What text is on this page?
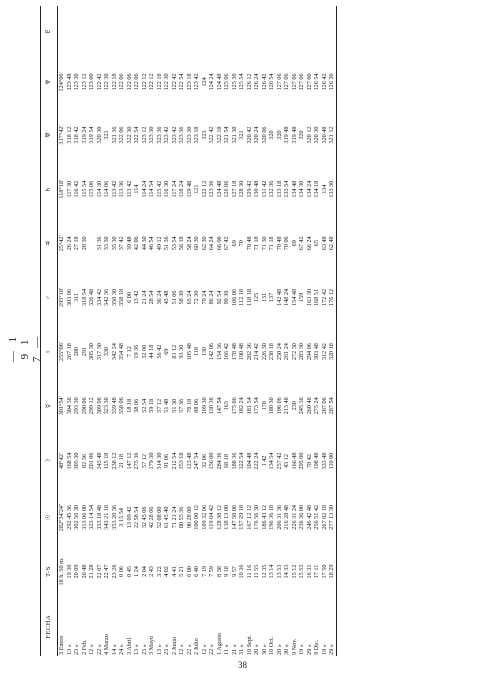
— 1 9 1 7 —
FECHA	T-S	☉	☽	☿	♀	♂	♃	♄	♅	♆	♇
3 Enero	18 h. 50 m.	282°34'24"	48°42'	301°54'	255°06'	295°18'	25°42'	118°18'	317°42'	124°06'	
13 »	19 30	292 45 36	168 54	304 36	267 18	303 06	26 24	117 30	318 12	123 48	
23 »	20 09	302 56 30	305 30	293 30	280	311	27 18	116 42	318 42	123 30	
2 Feb.	20 48	313 06 00	82 36	290 06	291	318 54	28 30	115 54	319 24	123 12	
12 »	21 28	323 14 54	201 06	299 12	305 30	326 48		115 06	319 54	123 00	
22 »	22 07	333 18 48	343 48	309 06	317 30	334 42	31 36	114 30	320 30	122 42	
4 Marzo	22 47	343 21 18	115 18	323 30	330	342 36	33 30	114 06	321	122 30	
14 »	23 26	353 20 36	238 12	339 48	342 24	350 30	35 30	113 42	321 36	122 18	
24 »	0 06	3 15 54	21 18	358 06	354 48	358 18	37 42	113 36	322 06	122 06	
3 Abril	0 45	13 09 42	147 12	18 18	7 12	6 00	39 48	113 42	322 30	122 06	
13 »	1 24	22 58 54	275 36	38 06	19 36	13 42	42 06	114	322 54	122 06	
23 »	2 04	32 45 06	57 12	52 54	32 00	21 24	44 30	114 24	323 12	122 12	
3 Mayo	2 43	42 28 06	179 30	59 18	44 18	28 54	46 54	114 54	323 30	122 12	
13 »	3 22	52 08 00	314 30	57 12	56 42	36 24	49 12	115 42	323 36	122 18	
23 »	4 02	61 45 40	91 06	51 48	69	43 48	51 36	116 30	323 42	122 30	
2 Junio	4 41	71 21 24	212 54	51 30	81 12	51 06	53 54	117 24	323 42	122 42	
12 »	5 21	80 55 36	353 18	57 36	93 30	58 30	56 18	118 24	323 36	122 54	
22 »	6 00	90 28 00	123 48	70 18	105 48	65 24	58 24	119 48	323 30	123 18	
2 Julio	6 40	100 00 12	247 54	88 06	118	72 30	60 30	121	323 18	123 42	
12 »	7 19	109 32 06	32 06	109 30	130	79 24	62 30	122 12	323	124	
22 »	7 59	119 04 42	156 00	130 36	142 06	86 24	64 24	123 36	322 42	124 24	
1 Agosto	8 38	128 38 12	284 36	147 54	154 36	92 54	66 00	124 48	322 18	124 48	
11 »	9 18	138 13 00	68 18	163	166 42	99 30	67 42	126 06	321 54	125 06	
21 »	9 57	147 50 06	188 36	175 06	178 48	106 06	69	127 18	321 30	125 30	
31 »	10 36	157 29 18	322 54	182 24	190 48	112 18	70	128 30	321	125 54	
10 Sept.	11 16	167 12 12	104 48	181 54	202 36	118 18	70 48	129 42	320 42	126 12	
20 »	11 55	176 56 30	222 24	173 54	214 42	125	71 18	130 48	320 24	126 24	
30 »	12 35	186 43 12	1 42	170	226 30	131	71 30	131 42	320 06	126 42	
10 Oct.	13 14	196 36 18	134 54	180 30	238 18	137	71 18	132 36	320	126 54	
20 »	13 53	206 31 36	257 42	196 06	250 24	142 48	70 48	133 18	320	127 06	
30 »	14 33	216 28 48	43 12	213 48	261 24	148 24	70 06	133 54	319 48	127 06	
9 Nov.	15 12	226 31 24	166 48	230	272 30	154 48	69	134 48	319 48	127 06	
19 »	15 52	236 36 00	295 00	245 36	283 30	159	67 42	134 30	320	127 06	
29 »	16 31	246 42 48	78 42	260 48	294 06	163 30	66 24	134 24	320 12	127 00	
9 Dic.	17 11	256 51 42	198 48	275 24	303 48	168 51	65	134 18	320 30	126 54	
19 »	17 50	267 02 18	333 48	287 06	312 42	172 42	63 48	134	320 48	126 42	
29 »	18 29	277 13 30	110 00	287 54	320 18	176 12	62 48	133 30	321 12	126 30	
38
